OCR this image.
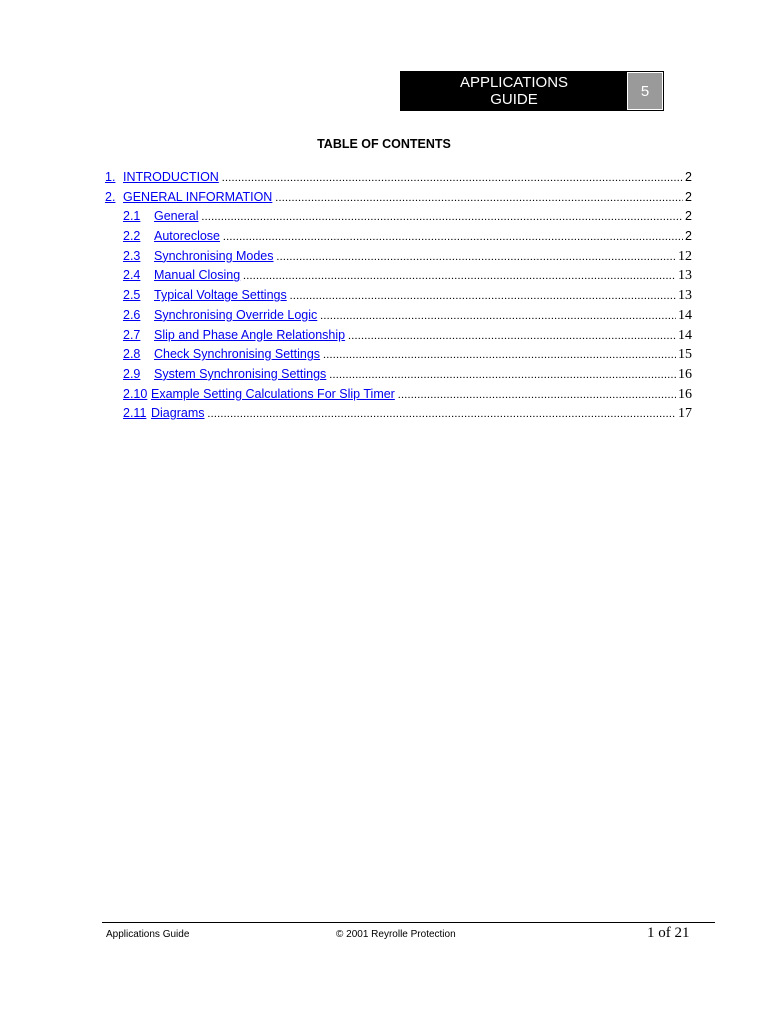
APPLICATIONS
GUIDE	5
TABLE OF CONTENTS
1. INTRODUCTION .....	2
2. GENERAL INFORMATION .....	2
2.1	General .....	2
2.2	Autoreclose .....	2
2.3	Synchronising Modes .....	12
2.4	Manual Closing .....	13
2.5	Typical Voltage Settings .....	13
2.6	Synchronising Override Logic .....	14
2.7	Slip and Phase Angle Relationship .....	14
2.8	Check Synchronising Settings .....	15
2.9	System Synchronising Settings .....	16
2.10 Example Setting Calculations For Slip Timer .....	16
2.11 Diagrams .....	17
Applications Guide	© 2001 Reyrolle Protection	1 of 21
